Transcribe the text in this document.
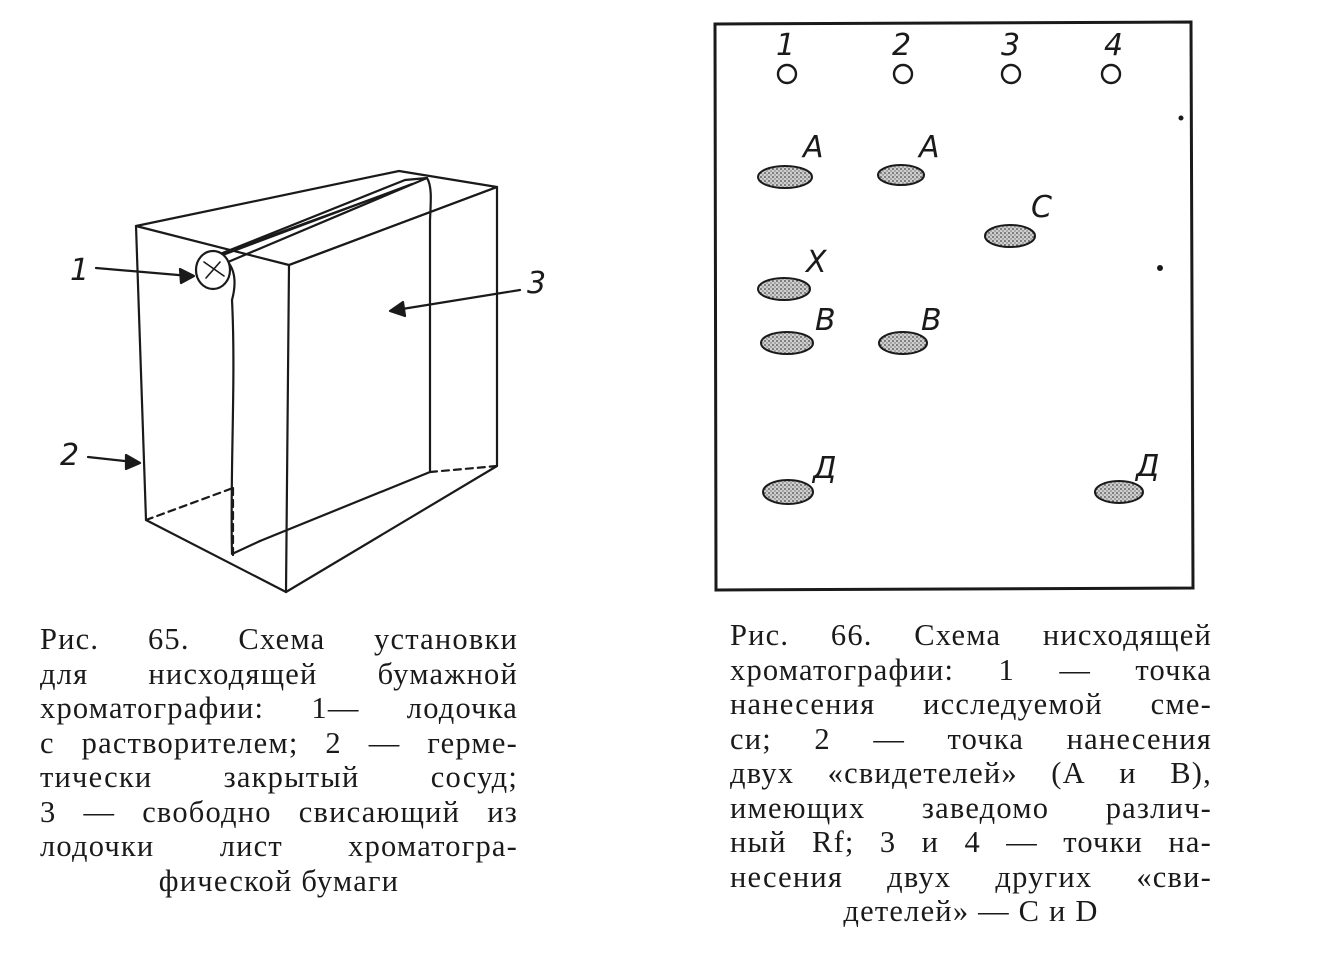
1
2
3
1	2	3	4
А	А
С
Х
В	В
Д	Д
Рис. 65. Схема установки
для нисходящей бумажной
хроматографии: 1— лодочка
с растворителем; 2 — герме-
тически закрытый сосуд;
3 — свободно свисающий из
лодочки лист хроматогра-
фической бумаги
Рис. 66. Схема нисходящей
хроматографии: 1 — точка
нанесения исследуемой сме-
си; 2 — точка нанесения
двух «свидетелей» (А и В),
имеющих заведомо различ-
ный Rf; 3 и 4 — точки на-
несения двух других «сви-
детелей» — С и D
